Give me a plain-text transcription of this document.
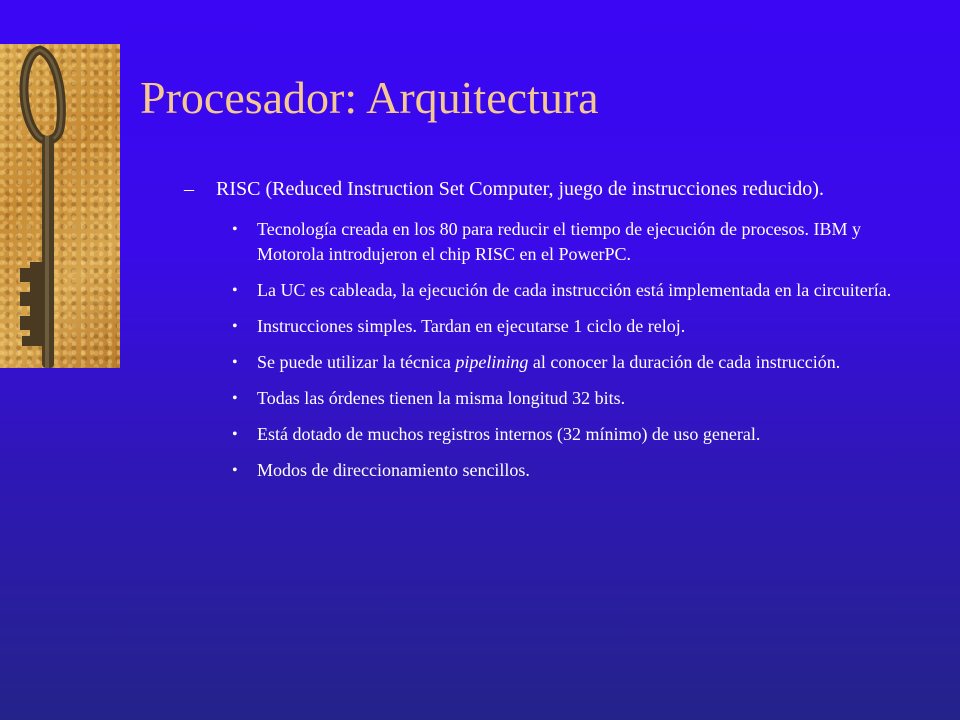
Procesador: Arquitectura
– RISC (Reduced Instruction Set Computer, juego de instrucciones reducido).
• Tecnología creada en los 80 para reducir el tiempo de ejecución de procesos. IBM y Motorola introdujeron el chip RISC en el PowerPC.
• La UC es cableada, la ejecución de cada instrucción está implementada en la circuitería.
• Instrucciones simples. Tardan en ejecutarse 1 ciclo de reloj.
• Se puede utilizar la técnica pipelining al conocer la duración de cada instrucción.
• Todas las órdenes tienen la misma longitud 32 bits.
• Está dotado de muchos registros internos (32 mínimo) de uso general.
• Modos de direccionamiento sencillos.
